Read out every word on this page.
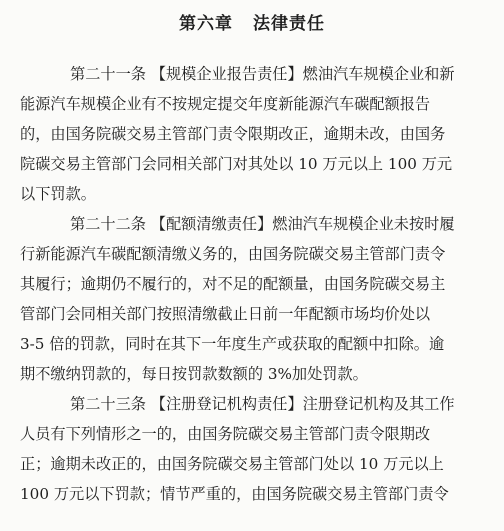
第六章 法律责任
第二十一条 【规模企业报告责任】燃油汽车规模企业和新
能源汽车规模企业有不按规定提交年度新能源汽车碳配额报告
的，由国务院碳交易主管部门责令限期改正，逾期未改，由国务
院碳交易主管部门会同相关部门对其处以 10 万元以上 100 万元
以下罚款。
第二十二条 【配额清缴责任】燃油汽车规模企业未按时履
行新能源汽车碳配额清缴义务的，由国务院碳交易主管部门责令
其履行；逾期仍不履行的，对不足的配额量，由国务院碳交易主
管部门会同相关部门按照清缴截止日前一年配额市场均价处以
3-5 倍的罚款，同时在其下一年度生产或获取的配额中扣除。逾
期不缴纳罚款的，每日按罚款数额的 3%加处罚款。
第二十三条 【注册登记机构责任】注册登记机构及其工作
人员有下列情形之一的，由国务院碳交易主管部门责令限期改
正；逾期未改正的，由国务院碳交易主管部门处以 10 万元以上
100 万元以下罚款；情节严重的，由国务院碳交易主管部门责令
